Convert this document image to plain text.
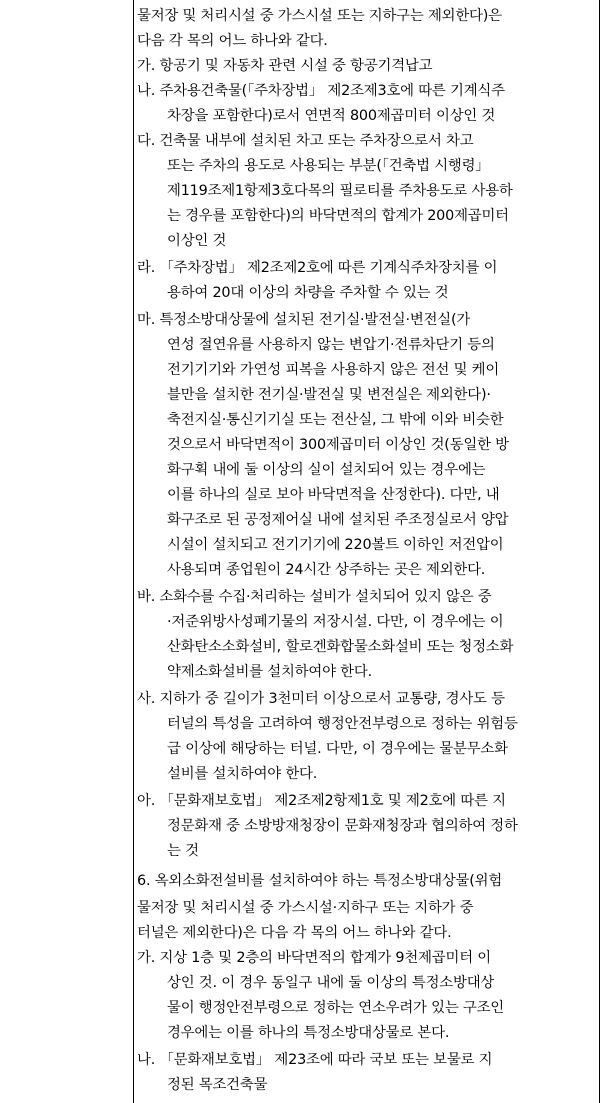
물저장 및 처리시설 중 가스시설 또는 지하구는 제외한다)은
다음 각 목의 어느 하나와 같다.
가. 항공기 및 자동차 관련 시설 중 항공기격납고
나. 주차용건축물(「주차장법」 제2조제3호에 따른 기계식주
차장을 포함한다)로서 연면적 800제곱미터 이상인 것
다. 건축물 내부에 설치된 차고 또는 주차장으로서 차고
또는 주차의 용도로 사용되는 부분(「건축법 시행령」
제119조제1항제3호다목의 필로티를 주차용도로 사용하
는 경우를 포함한다)의 바닥면적의 합계가 200제곱미터
이상인 것
라. 「주차장법」 제2조제2호에 따른 기계식주차장치를 이
용하여 20대 이상의 차량을 주차할 수 있는 것
마. 특정소방대상물에 설치된 전기실·발전실·변전실(가
연성 절연유를 사용하지 않는 변압기·전류차단기 등의
전기기기와 가연성 피복을 사용하지 않은 전선 및 케이
블만을 설치한 전기실·발전실 및 변전실은 제외한다)·
축전지실·통신기기실 또는 전산실, 그 밖에 이와 비슷한
것으로서 바닥면적이 300제곱미터 이상인 것(동일한 방
화구획 내에 둘 이상의 실이 설치되어 있는 경우에는
이를 하나의 실로 보아 바닥면적을 산정한다). 다만, 내
화구조로 된 공정제어실 내에 설치된 주조정실로서 양압
시설이 설치되고 전기기기에 220볼트 이하인 저전압이
사용되며 종업원이 24시간 상주하는 곳은 제외한다.
바. 소화수를 수집·처리하는 설비가 설치되어 있지 않은 중
·저준위방사성폐기물의 저장시설. 다만, 이 경우에는 이
산화탄소소화설비, 할로겐화합물소화설비 또는 청정소화
약제소화설비를 설치하여야 한다.
사. 지하가 중 길이가 3천미터 이상으로서 교통량, 경사도 등
터널의 특성을 고려하여 행정안전부령으로 정하는 위험등
급 이상에 해당하는 터널. 다만, 이 경우에는 물분무소화
설비를 설치하여야 한다.
아. 「문화재보호법」 제2조제2항제1호 및 제2호에 따른 지
정문화재 중 소방방재청장이 문화재청장과 협의하여 정하
는 것
6. 옥외소화전설비를 설치하여야 하는 특정소방대상물(위험
물저장 및 처리시설 중 가스시설·지하구 또는 지하가 중
터널은 제외한다)은 다음 각 목의 어느 하나와 같다.
가. 지상 1층 및 2층의 바닥면적의 합계가 9천제곱미터 이
상인 것. 이 경우 동일구 내에 둘 이상의 특정소방대상
물이 행정안전부령으로 정하는 연소우려가 있는 구조인
경우에는 이를 하나의 특정소방대상물로 본다.
나. 「문화재보호법」 제23조에 따라 국보 또는 보물로 지
정된 목조건축물
